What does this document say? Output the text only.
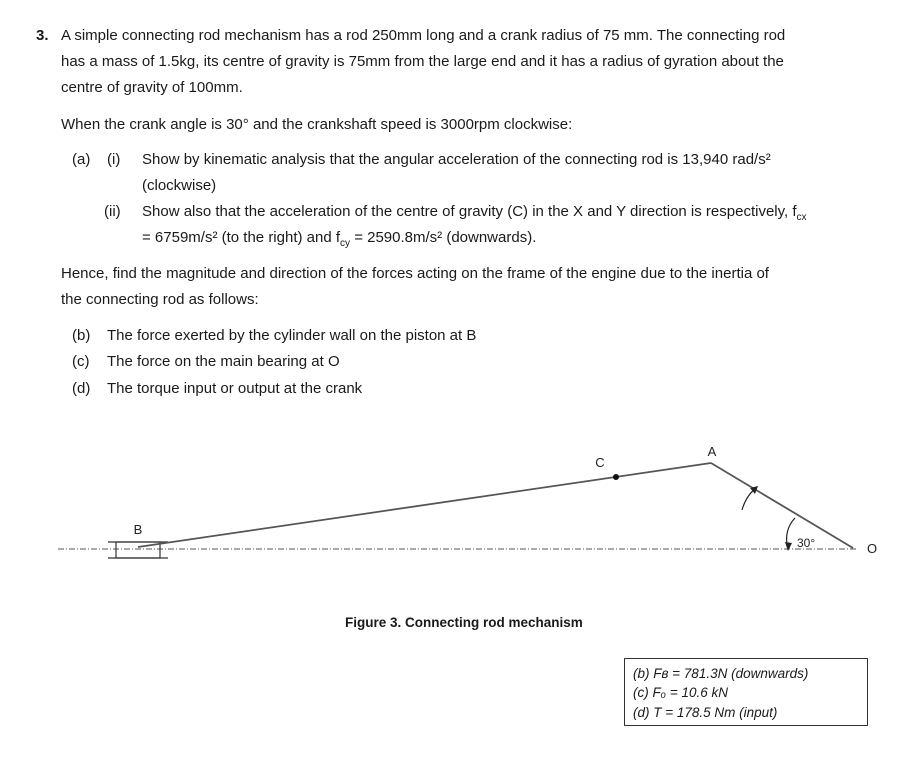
3. A simple connecting rod mechanism has a rod 250mm long and a crank radius of 75 mm. The connecting rod
has a mass of 1.5kg, its centre of gravity is 75mm from the large end and it has a radius of gyration about the
centre of gravity of 100mm.
When the crank angle is 30° and the crankshaft speed is 3000rpm clockwise:
(a) (i) Show by kinematic analysis that the angular acceleration of the connecting rod is 13,940 rad/s²
(clockwise)
(ii) Show also that the acceleration of the centre of gravity (C) in the X and Y direction is respectively, $f_{cx}$
= 6759m/s² (to the right) and $f_{cy} = 2590.8m/s^2$ (downwards).
Hence, find the magnitude and direction of the forces acting on the frame of the engine due to the inertia of
the connecting rod as follows:
(b) The force exerted by the cylinder wall on the piston at B
(c) The force on the main bearing at O
(d) The torque input or output at the crank
B
C
A
O
30°
Figure 3. Connecting rod mechanism
(b) Fʙ = 781.3N (downwards)
(c) Fₒ = 10.6 kN
(d) T = 178.5 Nm (input)
